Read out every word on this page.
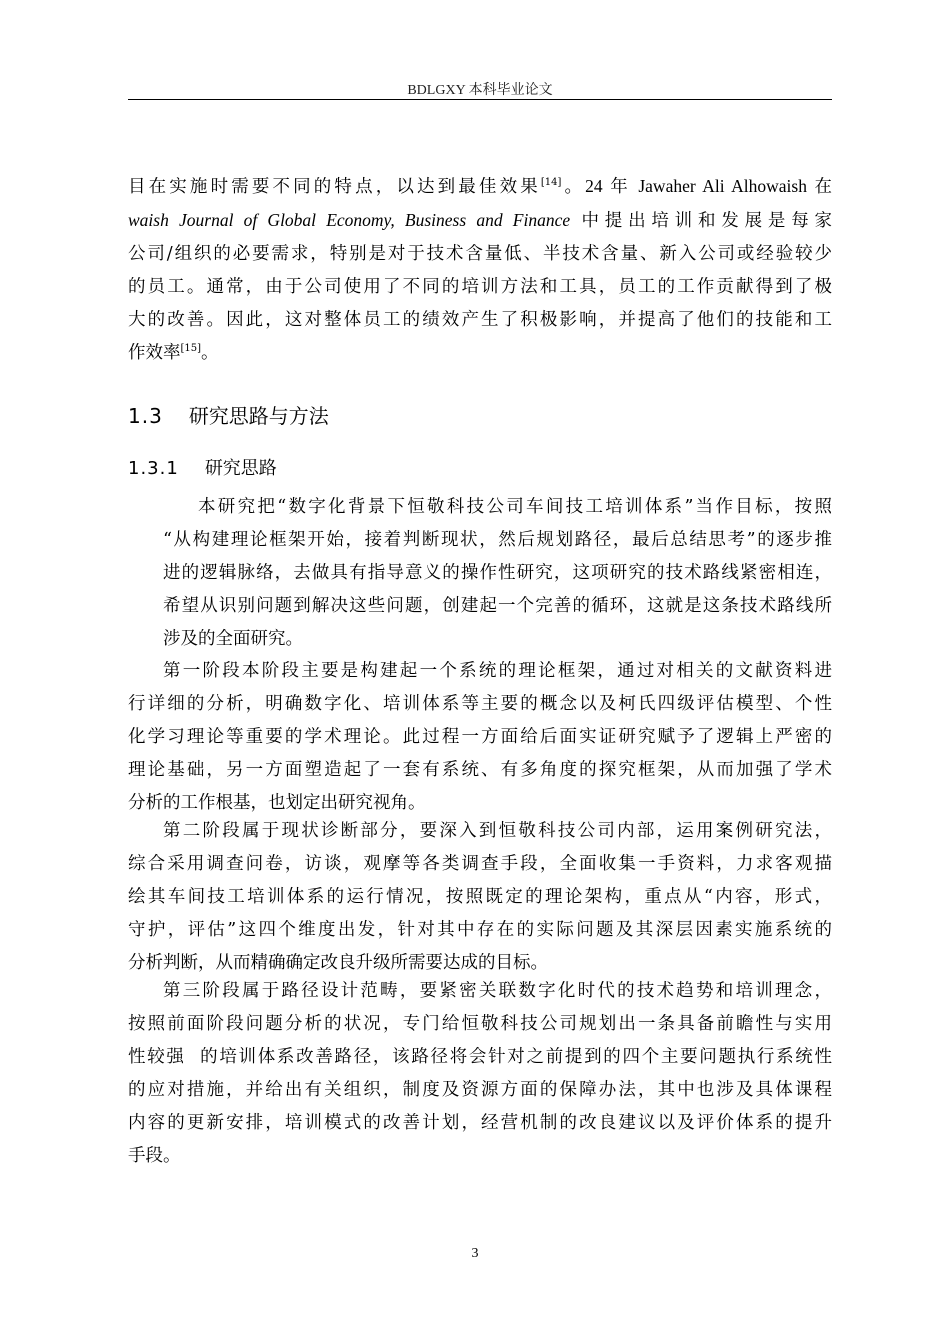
BDLGXY 本科毕业论文
目在实施时需要不同的特点，以达到最佳效果[14]。24 年 Jawaher Ali Alhowaish 在
waish Journal of Global Economy, Business and Finance 中提出培训和发展是每家
公司/组织的必要需求，特别是对于技术含量低、半技术含量、新入公司或经验较少
的员工。通常，由于公司使用了不同的培训方法和工具，员工的工作贡献得到了极
大的改善。因此，这对整体员工的绩效产生了积极影响，并提高了他们的技能和工
作效率[15]。
1.3 研究思路与方法
1.3.1 研究思路
本研究把“数字化背景下恒敬科技公司车间技工培训体系”当作目标，按照
“从构建理论框架开始，接着判断现状，然后规划路径，最后总结思考”的逐步推
进的逻辑脉络，去做具有指导意义的操作性研究，这项研究的技术路线紧密相连，
希望从识别问题到解决这些问题，创建起一个完善的循环，这就是这条技术路线所
涉及的全面研究。
第一阶段本阶段主要是构建起一个系统的理论框架，通过对相关的文献资料进
行详细的分析，明确数字化、培训体系等主要的概念以及柯氏四级评估模型、个性
化学习理论等重要的学术理论。此过程一方面给后面实证研究赋予了逻辑上严密的
理论基础，另一方面塑造起了一套有系统、有多角度的探究框架，从而加强了学术
分析的工作根基，也划定出研究视角。
第二阶段属于现状诊断部分，要深入到恒敬科技公司内部，运用案例研究法，
综合采用调查问卷，访谈，观摩等各类调查手段，全面收集一手资料，力求客观描
绘其车间技工培训体系的运行情况，按照既定的理论架构，重点从“内容，形式，
守护，评估”这四个维度出发，针对其中存在的实际问题及其深层因素实施系统的
分析判断，从而精确确定改良升级所需要达成的目标。
第三阶段属于路径设计范畴，要紧密关联数字化时代的技术趋势和培训理念，
按照前面阶段问题分析的状况，专门给恒敬科技公司规划出一条具备前瞻性与实用
性较强  的培训体系改善路径，该路径将会针对之前提到的四个主要问题执行系统性
的应对措施，并给出有关组织，制度及资源方面的保障办法，其中也涉及具体课程
内容的更新安排，培训模式的改善计划，经营机制的改良建议以及评价体系的提升
手段。
3
